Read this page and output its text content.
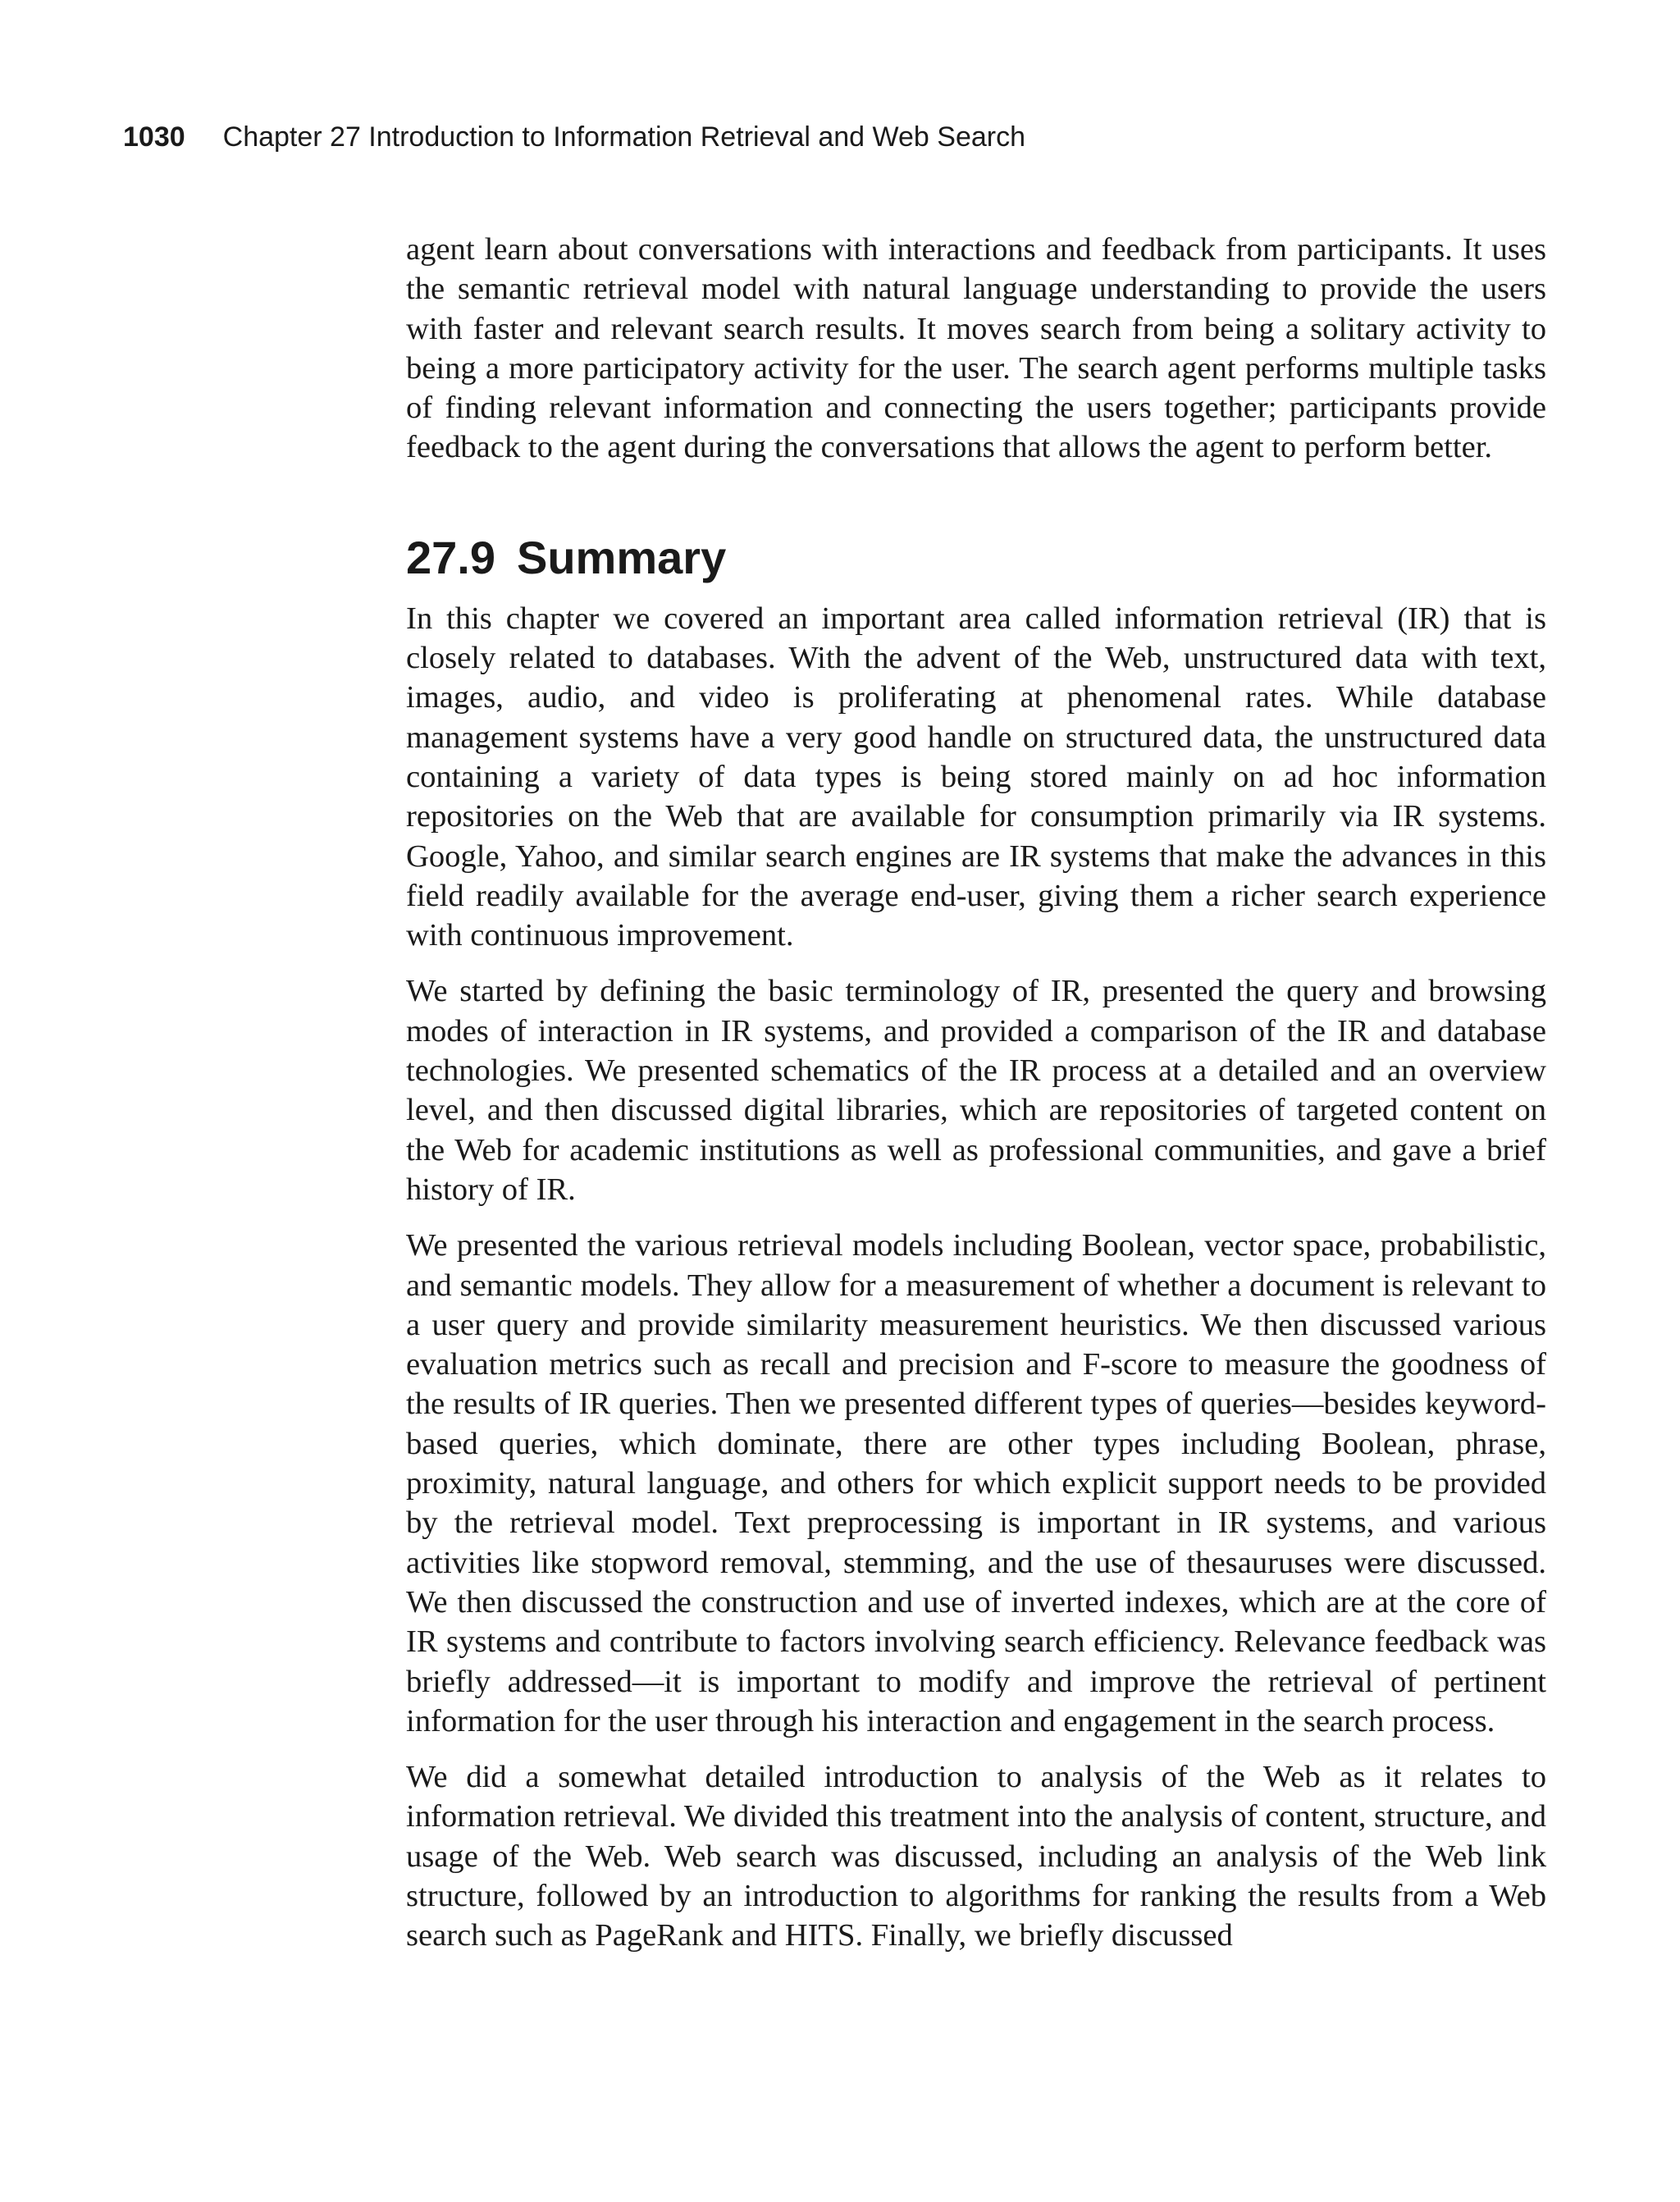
1030 Chapter 27 Introduction to Information Retrieval and Web Search

agent learn about conversations with interactions and feedback from participants. It uses the semantic retrieval model with natural language understanding to provide the users with faster and relevant search results. It moves search from being a solitary activity to being a more participatory activity for the user. The search agent performs multiple tasks of finding relevant information and connecting the users together; participants provide feedback to the agent during the conversations that allows the agent to perform better.

27.9 Summary

In this chapter we covered an important area called information retrieval (IR) that is closely related to databases. With the advent of the Web, unstructured data with text, images, audio, and video is proliferating at phenomenal rates. While database management systems have a very good handle on structured data, the unstructured data containing a variety of data types is being stored mainly on ad hoc information repositories on the Web that are available for consumption primarily via IR systems. Google, Yahoo, and similar search engines are IR systems that make the advances in this field readily available for the average end-user, giving them a richer search experience with continuous improvement.

We started by defining the basic terminology of IR, presented the query and browsing modes of interaction in IR systems, and provided a comparison of the IR and database technologies. We presented schematics of the IR process at a detailed and an overview level, and then discussed digital libraries, which are repositories of targeted content on the Web for academic institutions as well as professional communities, and gave a brief history of IR.

We presented the various retrieval models including Boolean, vector space, probabilistic, and semantic models. They allow for a measurement of whether a document is relevant to a user query and provide similarity measurement heuristics. We then discussed various evaluation metrics such as recall and precision and F-score to measure the goodness of the results of IR queries. Then we presented different types of queries—besides keyword-based queries, which dominate, there are other types including Boolean, phrase, proximity, natural language, and others for which explicit support needs to be provided by the retrieval model. Text preprocessing is important in IR systems, and various activities like stopword removal, stemming, and the use of thesauruses were discussed. We then discussed the construction and use of inverted indexes, which are at the core of IR systems and contribute to factors involving search efficiency. Relevance feedback was briefly addressed—it is important to modify and improve the retrieval of pertinent information for the user through his interaction and engagement in the search process.

We did a somewhat detailed introduction to analysis of the Web as it relates to information retrieval. We divided this treatment into the analysis of content, structure, and usage of the Web. Web search was discussed, including an analysis of the Web link structure, followed by an introduction to algorithms for ranking the results from a Web search such as PageRank and HITS. Finally, we briefly discussed
